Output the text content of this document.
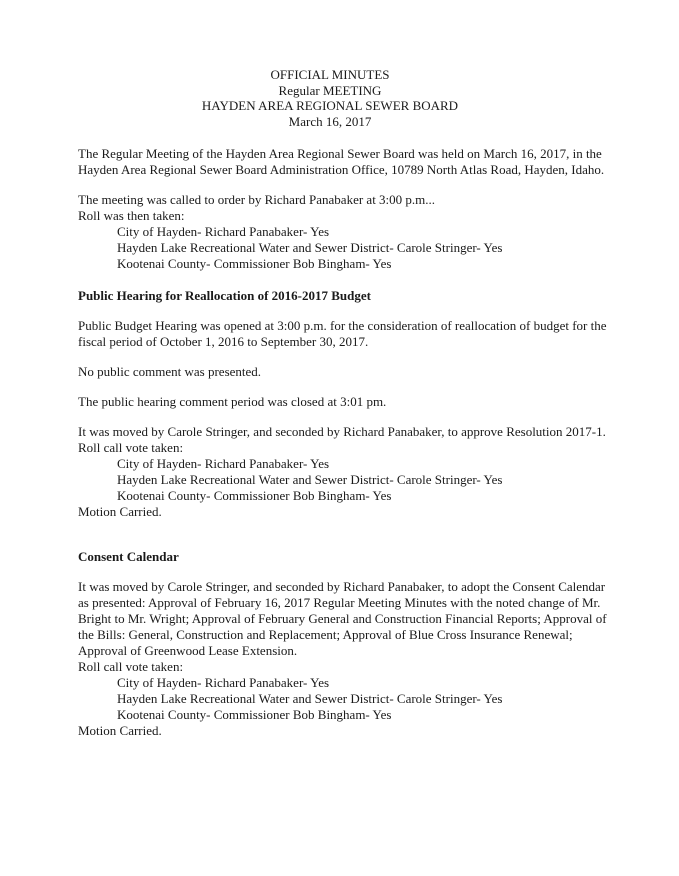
OFFICIAL MINUTES
Regular MEETING
HAYDEN AREA REGIONAL SEWER BOARD
March 16, 2017

The Regular Meeting of the Hayden Area Regional Sewer Board was held on March 16, 2017, in the Hayden Area Regional Sewer Board Administration Office, 10789 North Atlas Road, Hayden, Idaho.

The meeting was called to order by Richard Panabaker at 3:00 p.m...
Roll was then taken:
City of Hayden- Richard Panabaker- Yes
Hayden Lake Recreational Water and Sewer District- Carole Stringer- Yes
Kootenai County- Commissioner Bob Bingham- Yes
Public Hearing for Reallocation of 2016-2017 Budget

Public Budget Hearing was opened at 3:00 p.m. for the consideration of reallocation of budget for the fiscal period of October 1, 2016 to September 30, 2017.

No public comment was presented.

The public hearing comment period was closed at 3:01 pm.

It was moved by Carole Stringer, and seconded by Richard Panabaker, to approve Resolution 2017-1.
Roll call vote taken:
City of Hayden- Richard Panabaker- Yes
Hayden Lake Recreational Water and Sewer District- Carole Stringer- Yes
Kootenai County- Commissioner Bob Bingham- Yes
Motion Carried.
Consent Calendar
It was moved by Carole Stringer, and seconded by Richard Panabaker, to adopt the Consent Calendar as presented: Approval of February 16, 2017 Regular Meeting Minutes with the noted change of Mr. Bright to Mr. Wright; Approval of February General and Construction Financial Reports; Approval of the Bills: General, Construction and Replacement; Approval of Blue Cross Insurance Renewal; Approval of Greenwood Lease Extension.
Roll call vote taken:
City of Hayden- Richard Panabaker- Yes
Hayden Lake Recreational Water and Sewer District- Carole Stringer- Yes
Kootenai County- Commissioner Bob Bingham- Yes
Motion Carried.
